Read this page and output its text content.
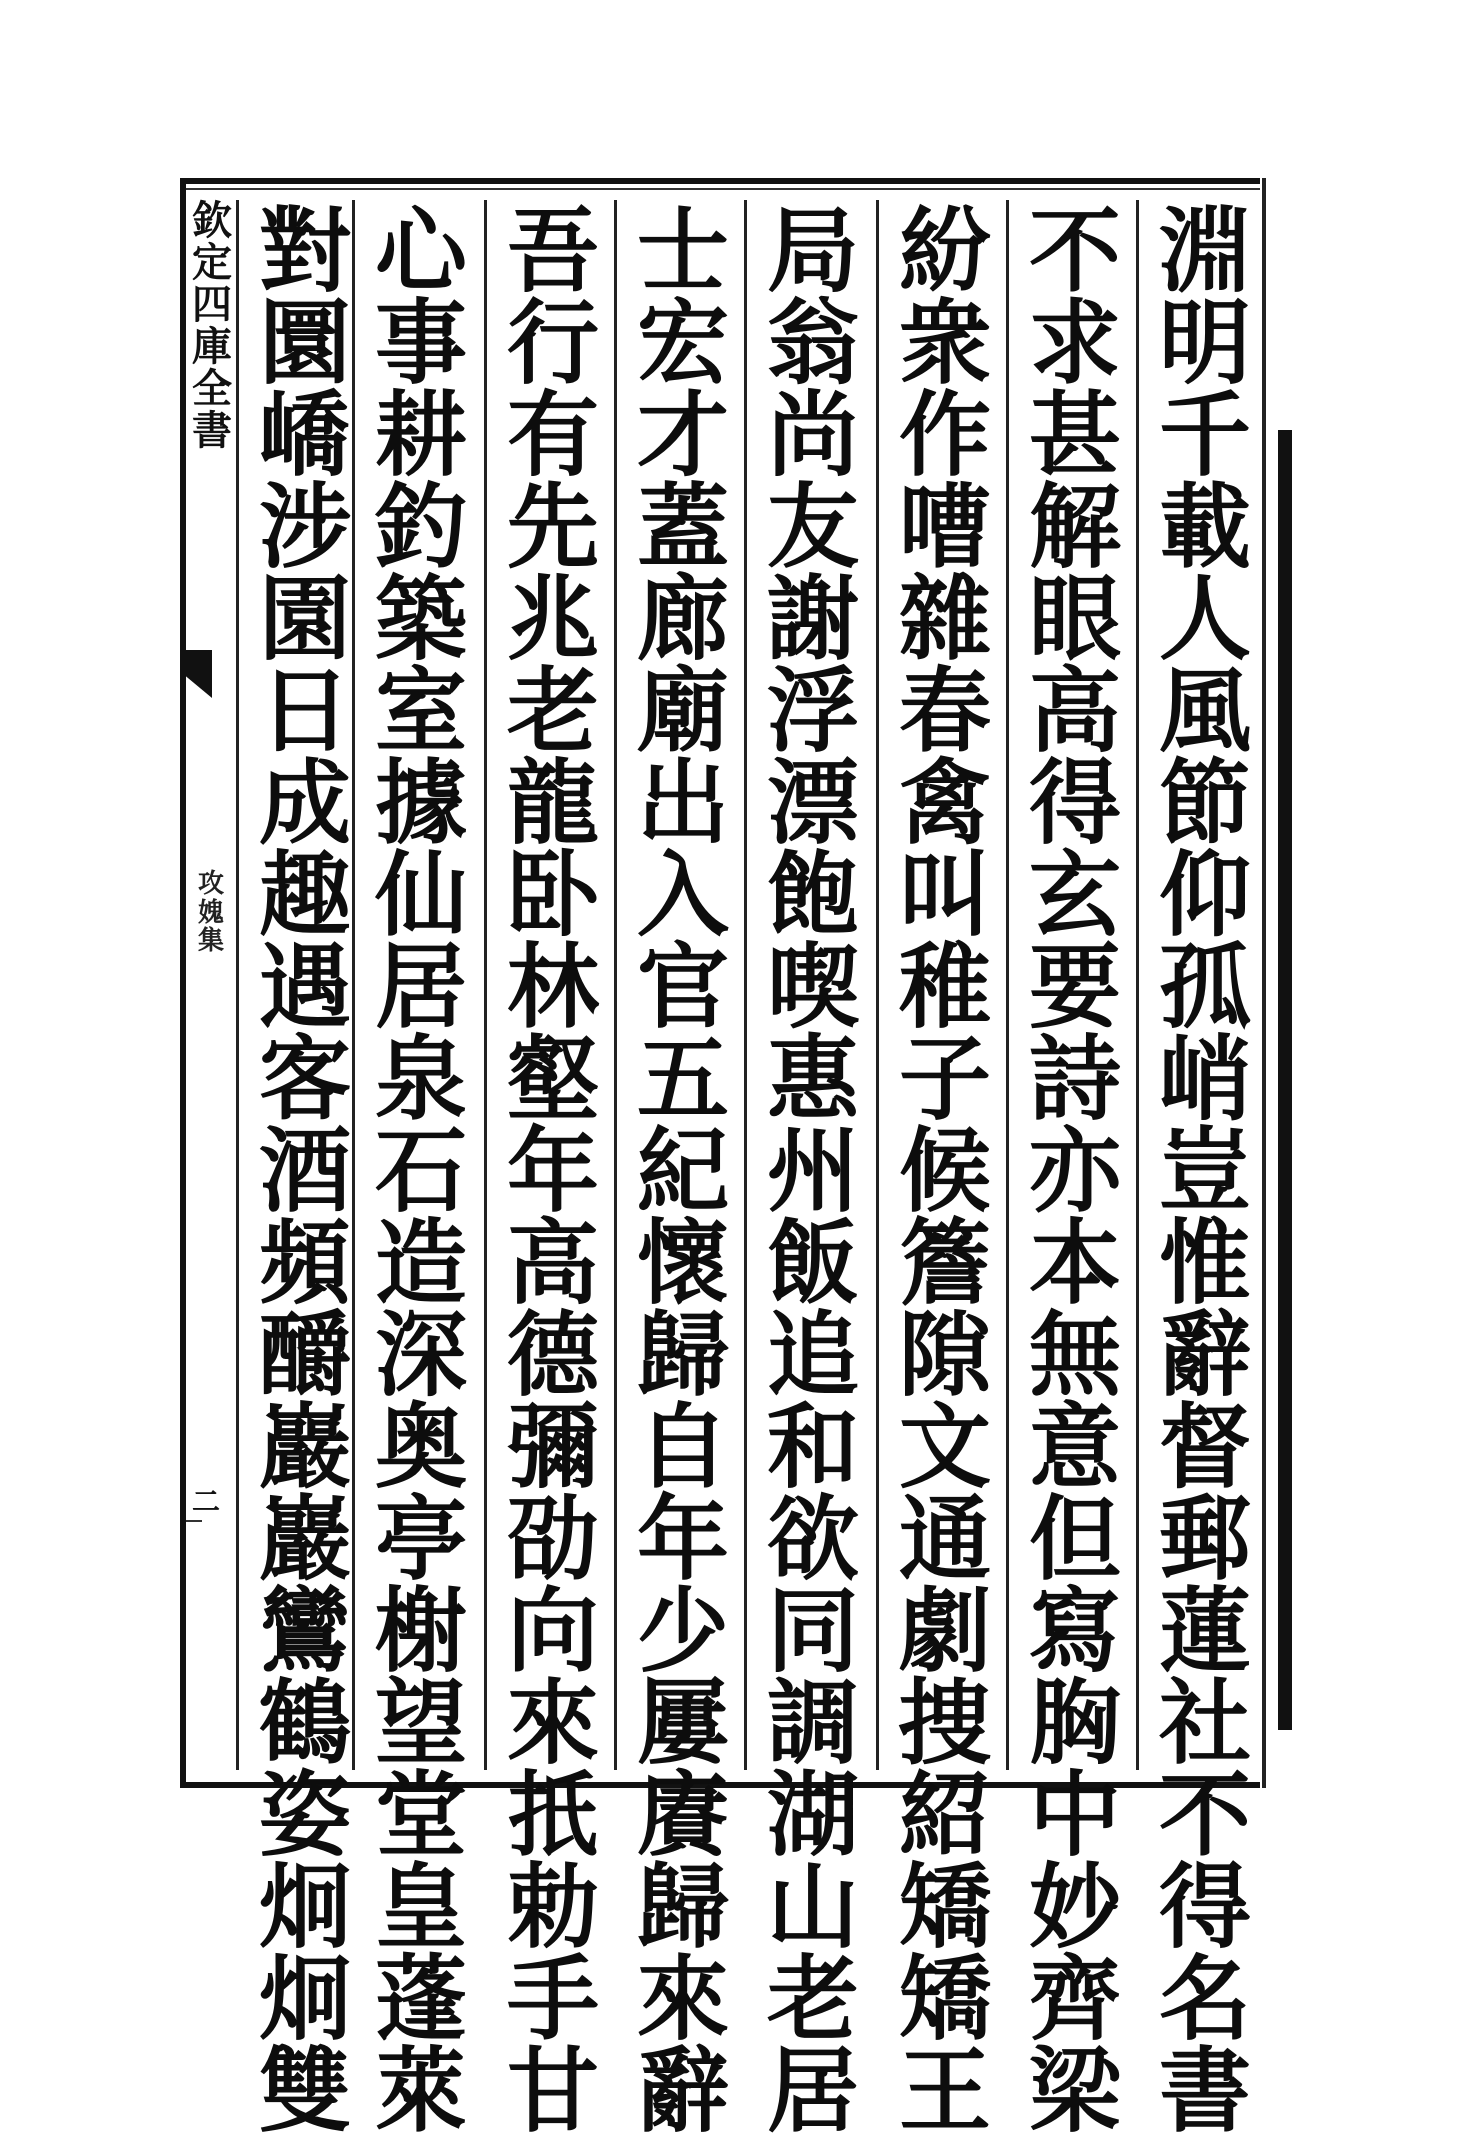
欽
定
四
庫
全
書
攻
媿
集
二
淵
明
千
載
人
風
節
仰
孤
峭
豈
惟
辭
督
郵
蓮
社
不
得
名
書
不
求
甚
解
眼
高
得
玄
要
詩
亦
本
無
意
但
寫
胸
中
妙
齊
梁
紛
衆
作
嘈
雜
春
禽
叫
稚
子
候
簷
隙
文
通
劇
捜
紹
矯
矯
王
局
翁
尚
友
謝
浮
漂
飽
喫
惠
州
飯
追
和
欲
同
調
湖
山
老
居
士
宏
才
蓋
廊
廟
出
入
官
五
紀
懷
歸
自
年
少
屢
賡
歸
來
辭
吾
行
有
先
兆
老
龍
卧
林
壑
年
高
德
彌
劭
向
來
扺
勅
手
甘
心
事
耕
釣
築
室
據
仙
居
泉
石
造
深
奥
亭
榭
望
堂
皇
蓬
萊
對
圜
嶠
涉
園
日
成
趣
遇
客
酒
頻
釂
巖
巖
鸞
鶴
姿
炯
炯
雙
